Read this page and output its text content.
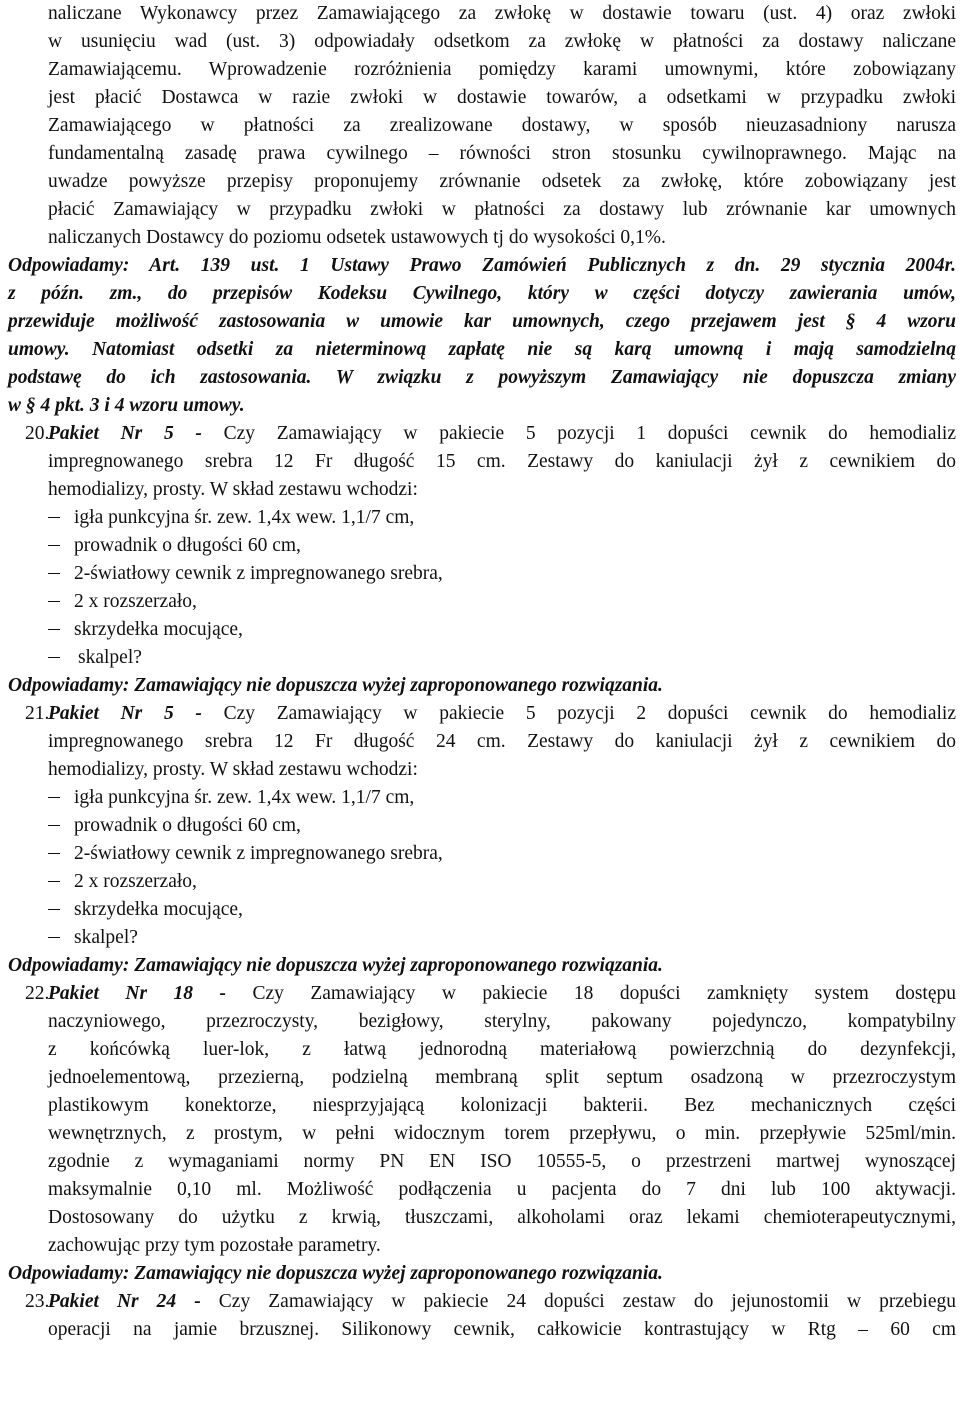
naliczane Wykonawcy przez Zamawiającego za zwłokę w dostawie towaru (ust. 4) oraz zwłoki
w usunięciu wad (ust. 3) odpowiadały odsetkom za zwłokę w płatności za dostawy naliczane
Zamawiającemu. Wprowadzenie rozróżnienia pomiędzy karami umownymi, które zobowiązany
jest płacić Dostawca w razie zwłoki w dostawie towarów, a odsetkami w przypadku zwłoki
Zamawiającego w płatności za zrealizowane dostawy, w sposób nieuzasadniony narusza
fundamentalną zasadę prawa cywilnego – równości stron stosunku cywilnoprawnego. Mając na
uwadze powyższe przepisy proponujemy zrównanie odsetek za zwłokę, które zobowiązany jest
płacić Zamawiający w przypadku zwłoki w płatności za dostawy lub zrównanie kar umownych
naliczanych Dostawcy do poziomu odsetek ustawowych tj do wysokości 0,1%.
Odpowiadamy: Art. 139 ust. 1 Ustawy Prawo Zamówień Publicznych z dn. 29 stycznia 2004r.
z późn. zm., do przepisów Kodeksu Cywilnego, który w części dotyczy zawierania umów,
przewiduje możliwość zastosowania w umowie kar umownych, czego przejawem jest § 4 wzoru
umowy. Natomiast odsetki za nieterminową zapłatę nie są karą umowną i mają samodzielną
podstawę do ich zastosowania. W związku z powyższym Zamawiający nie dopuszcza zmiany
w § 4 pkt. 3 i 4 wzoru umowy.
20.
Pakiet Nr 5 - Czy Zamawiający w pakiecie 5 pozycji 1 dopuści cewnik do hemodializ
impregnowanego srebra 12 Fr długość 15 cm. Zestawy do kaniulacji żył z cewnikiem do
hemodializy, prosty. W skład zestawu wchodzi:
igła punkcyjna śr. zew. 1,4x wew. 1,1/7 cm,
prowadnik o długości 60 cm,
2-światłowy cewnik z impregnowanego srebra,
2 x rozszerzało,
skrzydełka mocujące,
skalpel?
Odpowiadamy: Zamawiający nie dopuszcza wyżej zaproponowanego rozwiązania.
21.
Pakiet Nr 5 - Czy Zamawiający w pakiecie 5 pozycji 2 dopuści cewnik do hemodializ
impregnowanego srebra 12 Fr długość 24 cm. Zestawy do kaniulacji żył z cewnikiem do
hemodializy, prosty. W skład zestawu wchodzi:
igła punkcyjna śr. zew. 1,4x wew. 1,1/7 cm,
prowadnik o długości 60 cm,
2-światłowy cewnik z impregnowanego srebra,
2 x rozszerzało,
skrzydełka mocujące,
skalpel?
Odpowiadamy: Zamawiający nie dopuszcza wyżej zaproponowanego rozwiązania.
22.
Pakiet Nr 18 - Czy Zamawiający w pakiecie 18 dopuści zamknięty system dostępu
naczyniowego, przezroczysty, bezigłowy, sterylny, pakowany pojedynczo, kompatybilny
z końcówką luer-lok, z łatwą jednorodną materiałową powierzchnią do dezynfekcji,
jednoelementową, przezierną, podzielną membraną split septum osadzoną w przezroczystym
plastikowym konektorze, niesprzyjającą kolonizacji bakterii. Bez mechanicznych części
wewnętrznych, z prostym, w pełni widocznym torem przepływu, o min. przepływie 525ml/min.
zgodnie z wymaganiami normy PN EN ISO 10555-5, o przestrzeni martwej wynoszącej
maksymalnie 0,10 ml. Możliwość podłączenia u pacjenta do 7 dni lub 100 aktywacji.
Dostosowany do użytku z krwią, tłuszczami, alkoholami oraz lekami chemioterapeutycznymi,
zachowując przy tym pozostałe parametry.
Odpowiadamy: Zamawiający nie dopuszcza wyżej zaproponowanego rozwiązania.
23.
Pakiet Nr 24 - Czy Zamawiający w pakiecie 24 dopuści zestaw do jejunostomii w przebiegu
operacji na jamie brzusznej. Silikonowy cewnik, całkowicie kontrastujący w Rtg – 60 cm
